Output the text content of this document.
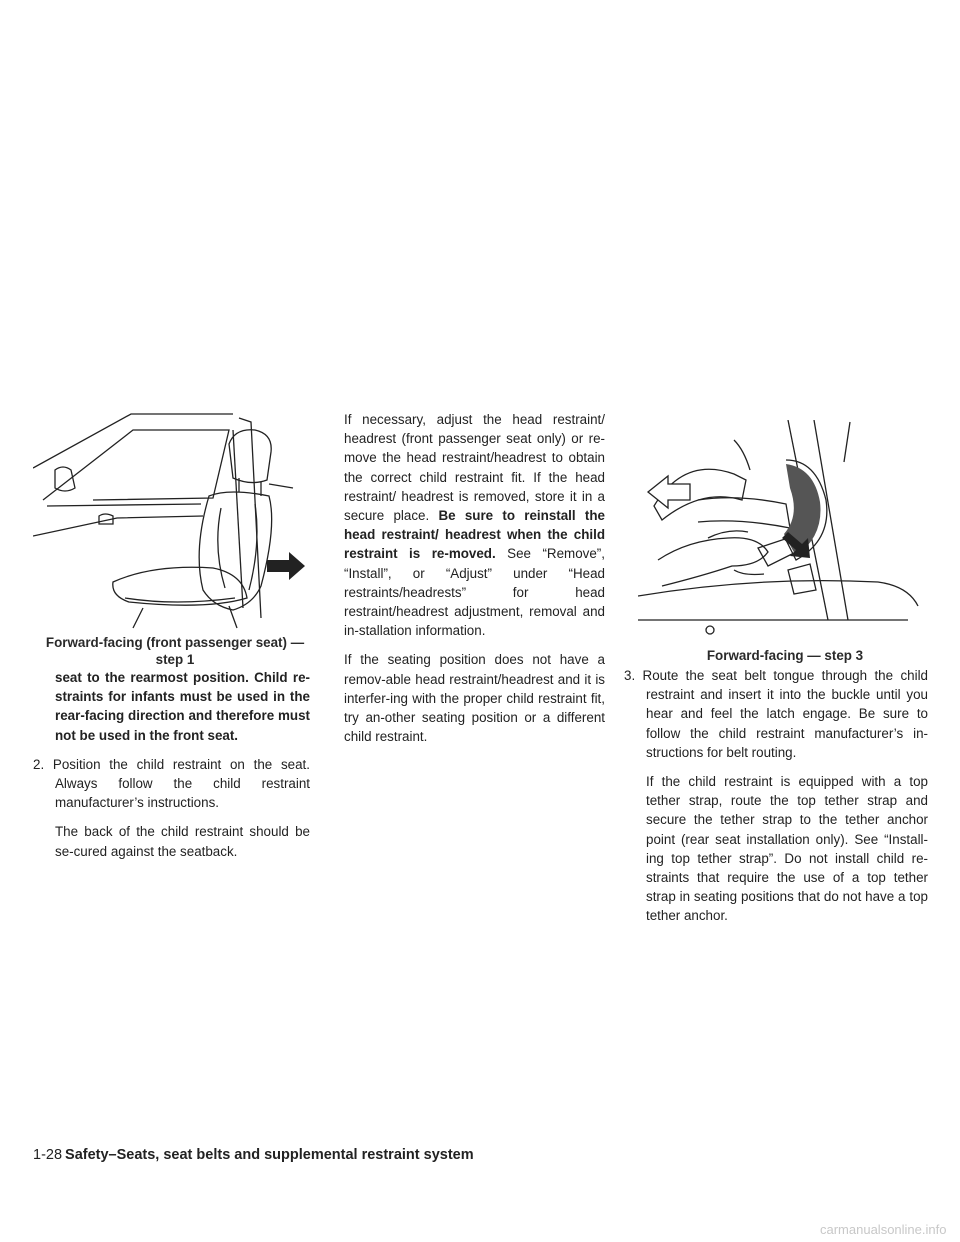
Forward-facing (front passenger seat) —
step 1

seat to the rearmost position. Child re-straints for infants must be used in the rear-facing direction and therefore must not be used in the front seat.

2. Position the child restraint on the seat. Always follow the child restraint manufacturer’s instructions.

The back of the child restraint should be se-cured against the seatback.

If necessary, adjust the head restraint/ headrest (front passenger seat only) or re-move the head restraint/headrest to obtain the correct child restraint fit. If the head restraint/ headrest is removed, store it in a secure place. Be sure to reinstall the head restraint/ headrest when the child restraint is re-moved. See “Remove”, “Install”, or “Adjust” under “Head restraints/headrests” for head restraint/headrest adjustment, removal and in-stallation information.

If the seating position does not have a remov-able head restraint/headrest and it is interfer-ing with the proper child restraint fit, try an-other seating position or a different child restraint.

Forward-facing — step 3

3. Route the seat belt tongue through the child restraint and insert it into the buckle until you hear and feel the latch engage. Be sure to follow the child restraint manufacturer’s in-structions for belt routing.

If the child restraint is equipped with a top tether strap, route the top tether strap and secure the tether strap to the tether anchor point (rear seat installation only). See “Install-ing top tether strap”. Do not install child re-straints that require the use of a top tether strap in seating positions that do not have a top tether anchor.

1-28 Safety–Seats, seat belts and supplemental restraint system
carmanualsonline.info
